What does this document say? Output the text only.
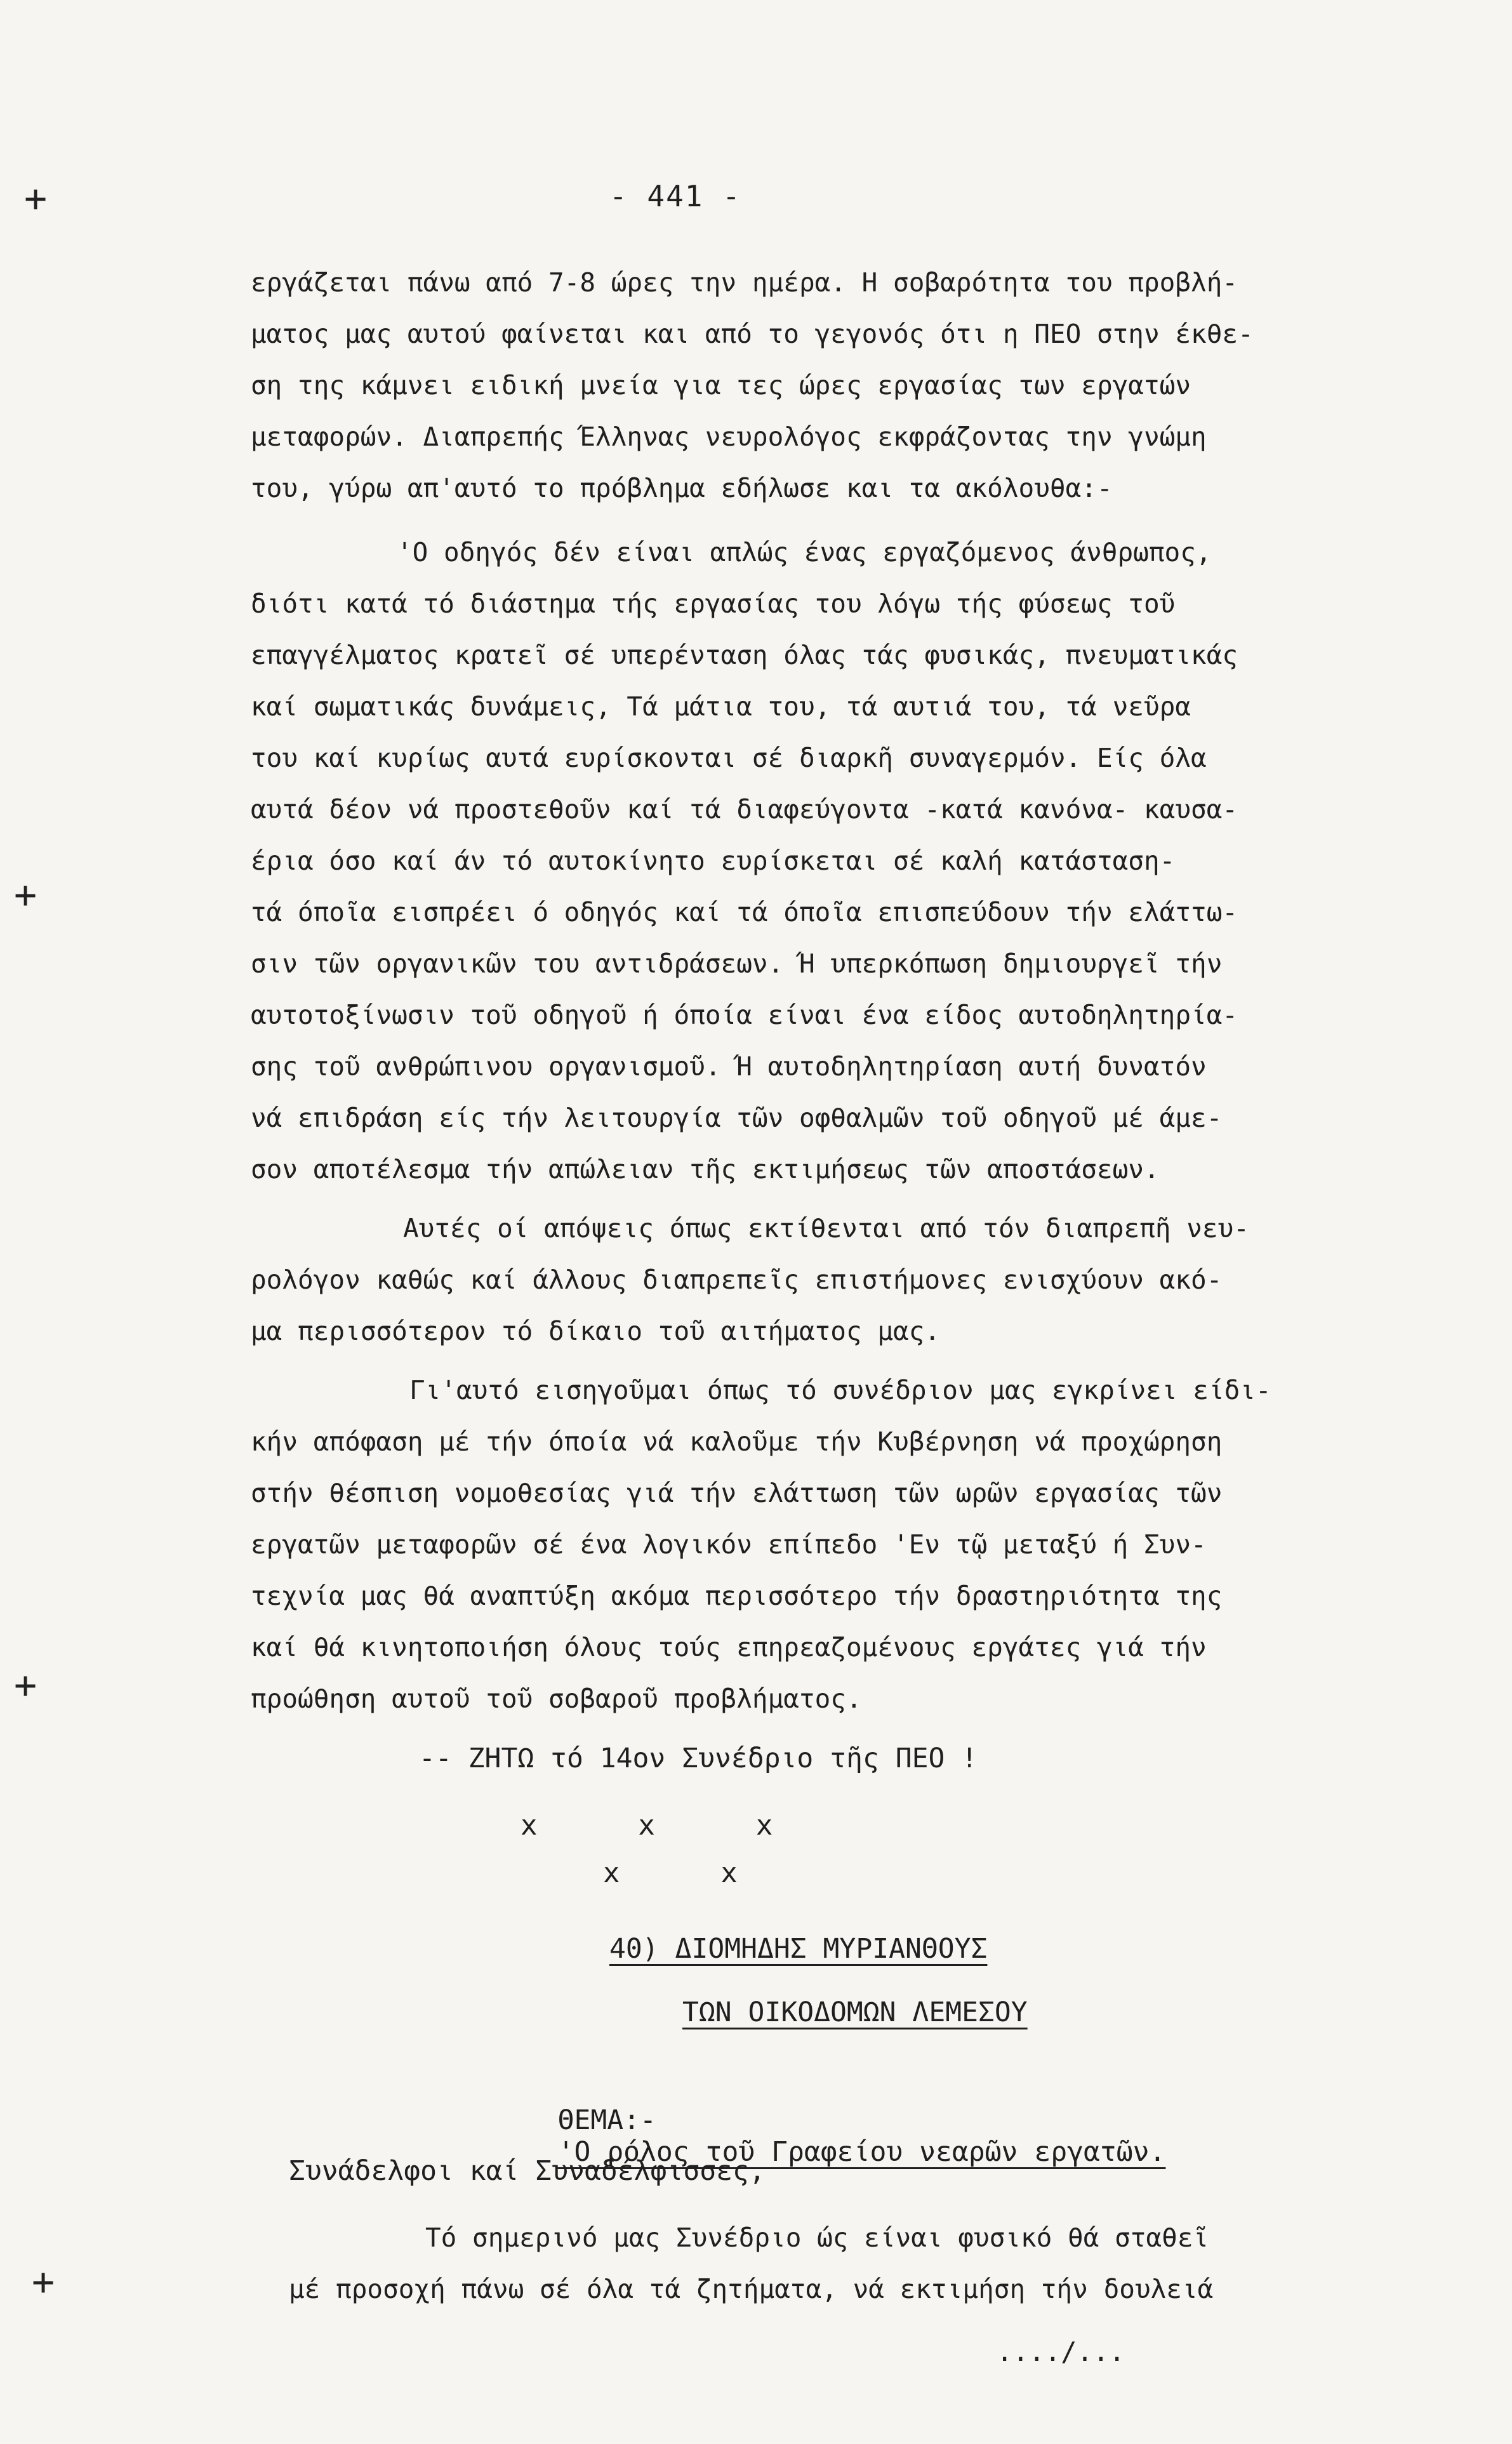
+
+
+
+
- 441 -
εργάζεται πάνω από 7-8 ώρες την ημέρα. Η σοβαρότητα του προβλή-
ματος μας αυτού φαίνεται και από το γεγονός ότι η ΠΕΟ στην έκθε-
ση της κάμνει ειδική μνεία για τες ώρες εργασίας των εργατών
μεταφορών. Διαπρεπής Έλληνας νευρολόγος εκφράζοντας την γνώμη
του, γύρω απ'αυτό το πρόβλημα εδήλωσε και τα ακόλουθα:-
'Ο οδηγός δέν είναι απλώς ένας εργαζόμενος άνθρωπος,
διότι κατά τό διάστημα τής εργασίας του λόγω τής φύσεως τοῦ
επαγγέλματος κρατεῖ σέ υπερένταση όλας τάς φυσικάς, πνευματικάς
καί σωματικάς δυνάμεις, Τά μάτια του, τά αυτιά του, τά νεῦρα
του καί κυρίως αυτά ευρίσκονται σέ διαρκῆ συναγερμόν. Είς όλα
αυτά δέον νά προστεθοῦν καί τά διαφεύγοντα -κατά κανόνα- καυσα-
έρια όσο καί άν τό αυτοκίνητο ευρίσκεται σέ καλή κατάσταση-
τά όποῖα εισπρέει ό οδηγός καί τά όποῖα επισπεύδουν τήν ελάττω-
σιν τῶν οργανικῶν του αντιδράσεων. Ή υπερκόπωση δημιουργεῖ τήν
αυτοτοξίνωσιν τοῦ οδηγοῦ ή όποία είναι ένα είδος αυτοδηλητηρία-
σης τοῦ ανθρώπινου οργανισμοῦ. Ή αυτοδηλητηρίαση αυτή δυνατόν
νά επιδράση είς τήν λειτουργία τῶν οφθαλμῶν τοῦ οδηγοῦ μέ άμε-
σον αποτέλεσμα τήν απώλειαν τῆς εκτιμήσεως τῶν αποστάσεων.
Αυτές οί απόψεις όπως εκτίθενται από τόν διαπρεπῆ νευ-
ρολόγον καθώς καί άλλους διαπρεπεῖς επιστήμονες ενισχύουν ακό-
μα περισσότερον τό δίκαιο τοῦ αιτήματος μας.
Γι'αυτό εισηγοῦμαι όπως τό συνέδριον μας εγκρίνει είδι-
κήν απόφαση μέ τήν όποία νά καλοῦμε τήν Κυβέρνηση νά προχώρηση
στήν θέσπιση νομοθεσίας γιά τήν ελάττωση τῶν ωρῶν εργασίας τῶν
εργατῶν μεταφορῶν σέ ένα λογικόν επίπεδο 'Εν τῷ μεταξύ ή Συν-
τεχνία μας θά αναπτύξη ακόμα περισσότερο τήν δραστηριότητα της
καί θά κινητοποιήση όλους τούς επηρεαζομένους εργάτες γιά τήν
προώθηση αυτοῦ τοῦ σοβαροῦ προβλήματος.
-- ΖΗΤΩ τό 14ον Συνέδριο τῆς ΠΕΟ !
x      x      x
x      x
40) ΔΙΟΜΗΔΗΣ ΜΥΡΙΑΝΘΟΥΣ
ΤΩΝ ΟΙΚΟΔΟΜΩΝ ΛΕΜΕΣΟΥ

ΘΕΜΑ:-
'Ο ρόλος τοῦ Γραφείου νεαρῶν εργατῶν.

Συνάδελφοι καί Συναδέλφισσες,
Τό σημερινό μας Συνέδριο ώς είναι φυσικό θά σταθεῖ
μέ προσοχή πάνω σέ όλα τά ζητήματα, νά εκτιμήση τήν δουλειά
..../...
